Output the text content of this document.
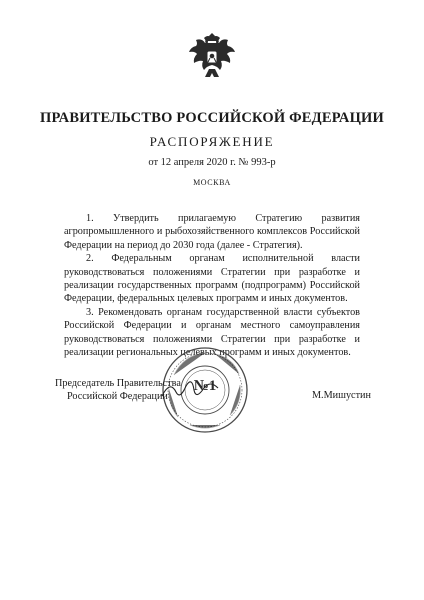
ПРАВИТЕЛЬСТВО РОССИЙСКОЙ ФЕДЕРАЦИИ
РАСПОРЯЖЕНИЕ
от 12 апреля 2020 г. № 993-р
МОСКВА

1. Утвердить прилагаемую Стратегию развития агропромышленного и рыбохозяйственного комплексов Российской Федерации на период до 2030 года (далее - Стратегия).

2. Федеральным органам исполнительной власти руководствоваться положениями Стратегии при разработке и реализации государственных программ (подпрограмм) Российской Федерации, федеральных целевых программ и иных документов.

3. Рекомендовать органам государственной власти субъектов Российской Федерации и органам местного самоуправления руководствоваться положениями Стратегии при разработке и реализации региональных целевых программ и иных документов.

№1
Председатель Правительства
Российской Федерации	М.Мишустин
